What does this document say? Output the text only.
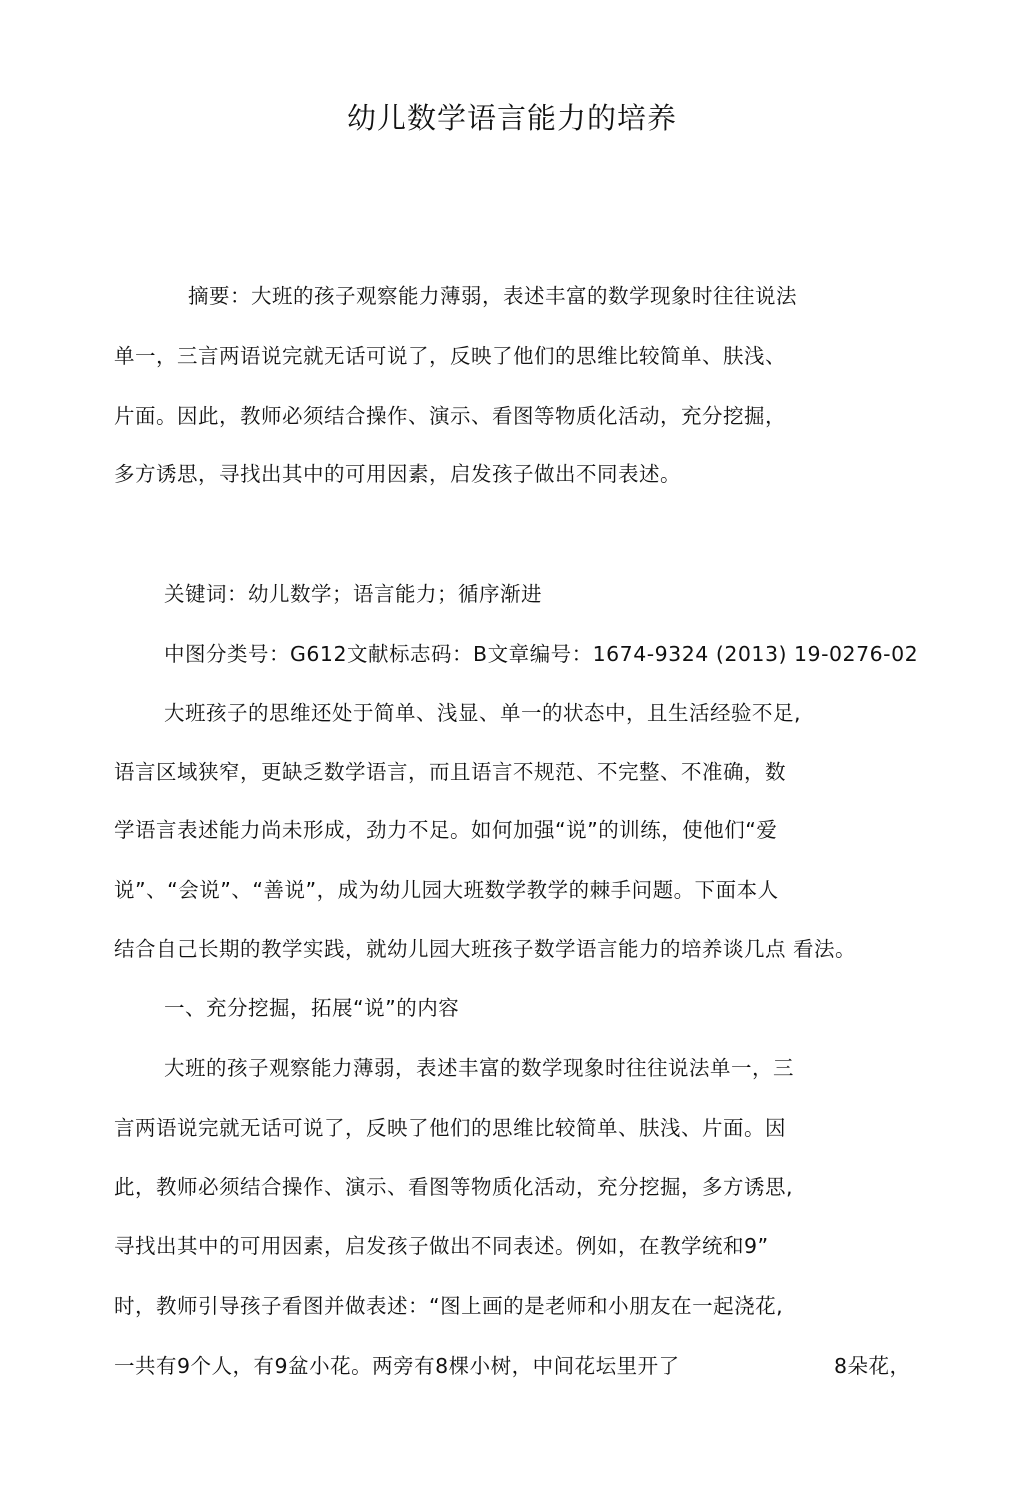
幼儿数学语言能力的培养
摘要：大班的孩子观察能力薄弱，表述丰富的数学现象时往往说法
单一，三言两语说完就无话可说了，反映了他们的思维比较简单、肤浅、
片面。因此，教师必须结合操作、演示、看图等物质化活动，充分挖掘，
多方诱思，寻找出其中的可用因素，启发孩子做出不同表述。
关键词：幼儿数学；语言能力；循序渐进
中图分类号：G612文献标志码：B文章编号：1674-9324 (2013) 19-0276-02
大班孩子的思维还处于简单、浅显、单一的状态中，且生活经验不足,
语言区域狭窄，更缺乏数学语言，而且语言不规范、不完整、不准确，数
学语言表述能力尚未形成，劲力不足。如何加强“说”的训练，使他们“爱
说”、“会说”、“善说”，成为幼儿园大班数学教学的棘手问题。下面本人
结合自己长期的教学实践，就幼儿园大班孩子数学语言能力的培养谈几点 看法。
一、充分挖掘，拓展“说”的内容
大班的孩子观察能力薄弱，表述丰富的数学现象时往往说法单一，三
言两语说完就无话可说了，反映了他们的思维比较简单、肤浅、片面。因
此，教师必须结合操作、演示、看图等物质化活动，充分挖掘，多方诱思,
寻找出其中的可用因素，启发孩子做出不同表述。例如，在教学统和9”
时，教师引导孩子看图并做表述：“图上画的是老师和小朋友在一起浇花,
一共有9个人，有9盆小花。两旁有8棵小树，中间花坛里开了	8朵花，
